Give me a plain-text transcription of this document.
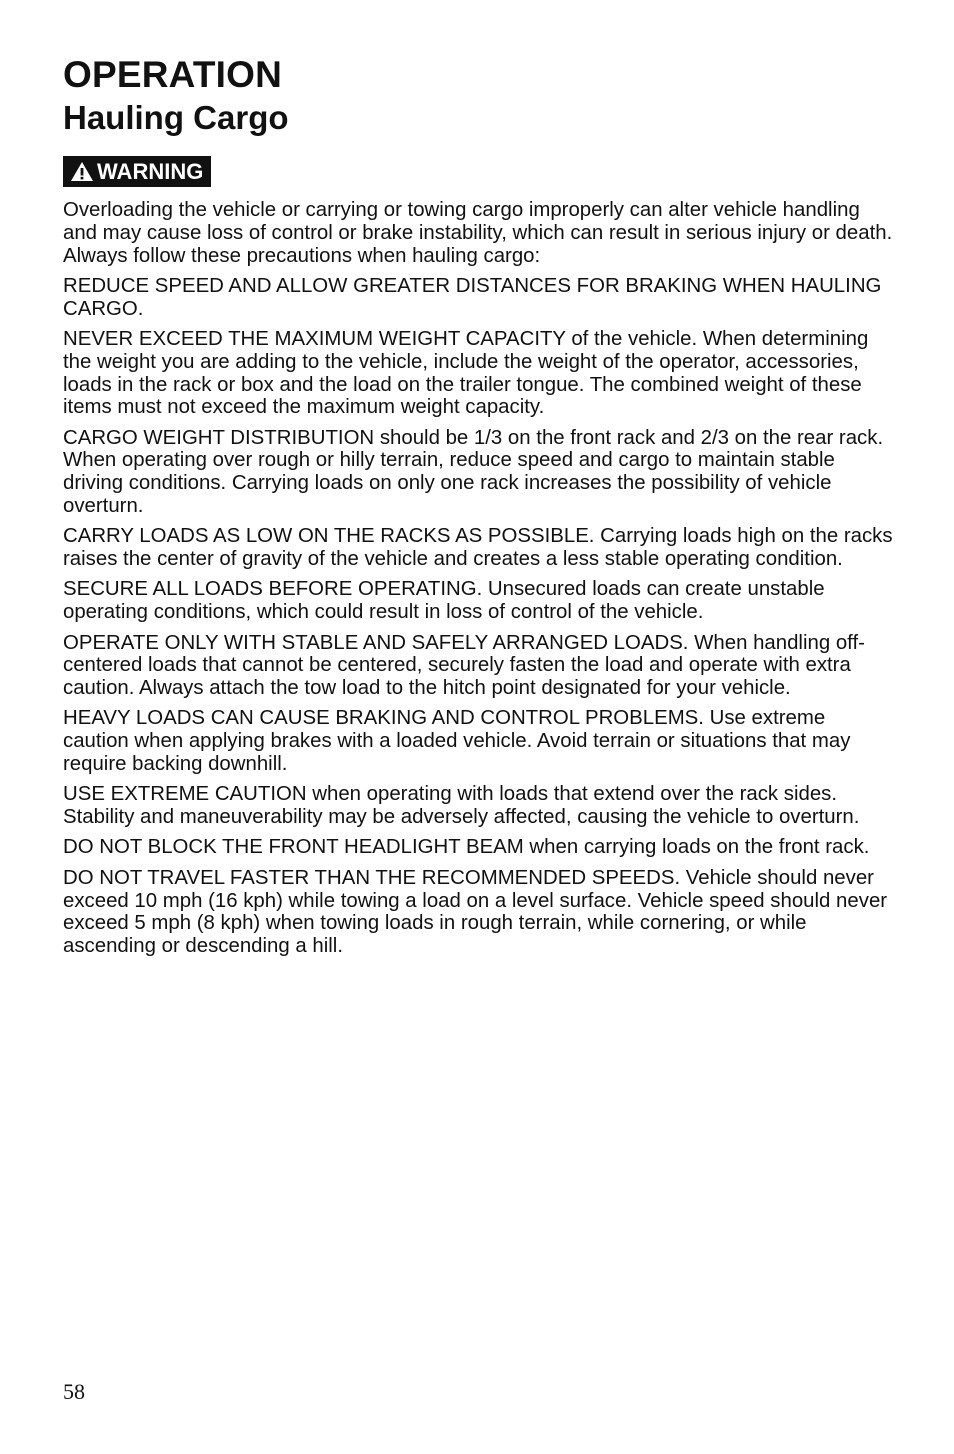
OPERATION
Hauling Cargo
WARNING

Overloading the vehicle or carrying or towing cargo improperly can alter vehicle handling and may cause loss of control or brake instability, which can result in serious injury or death. Always follow these precautions when hauling cargo:

REDUCE SPEED AND ALLOW GREATER DISTANCES FOR BRAKING WHEN HAULING CARGO.

NEVER EXCEED THE MAXIMUM WEIGHT CAPACITY of the vehicle. When determining the weight you are adding to the vehicle, include the weight of the operator, accessories, loads in the rack or box and the load on the trailer tongue. The combined weight of these items must not exceed the maximum weight capacity.

CARGO WEIGHT DISTRIBUTION should be 1/3 on the front rack and 2/3 on the rear rack. When operating over rough or hilly terrain, reduce speed and cargo to maintain stable driving conditions. Carrying loads on only one rack increases the possibility of vehicle overturn.

CARRY LOADS AS LOW ON THE RACKS AS POSSIBLE. Carrying loads high on the racks raises the center of gravity of the vehicle and creates a less stable operating condition.

SECURE ALL LOADS BEFORE OPERATING. Unsecured loads can create unstable operating conditions, which could result in loss of control of the vehicle.

OPERATE ONLY WITH STABLE AND SAFELY ARRANGED LOADS. When handling off-centered loads that cannot be centered, securely fasten the load and operate with extra caution. Always attach the tow load to the hitch point designated for your vehicle.

HEAVY LOADS CAN CAUSE BRAKING AND CONTROL PROBLEMS. Use extreme caution when applying brakes with a loaded vehicle. Avoid terrain or situations that may require backing downhill.

USE EXTREME CAUTION when operating with loads that extend over the rack sides. Stability and maneuverability may be adversely affected, causing the vehicle to overturn.

DO NOT BLOCK THE FRONT HEADLIGHT BEAM when carrying loads on the front rack.

DO NOT TRAVEL FASTER THAN THE RECOMMENDED SPEEDS. Vehicle should never exceed 10 mph (16 kph) while towing a load on a level surface. Vehicle speed should never exceed 5 mph (8 kph) when towing loads in rough terrain, while cornering, or while ascending or descending a hill.

58
